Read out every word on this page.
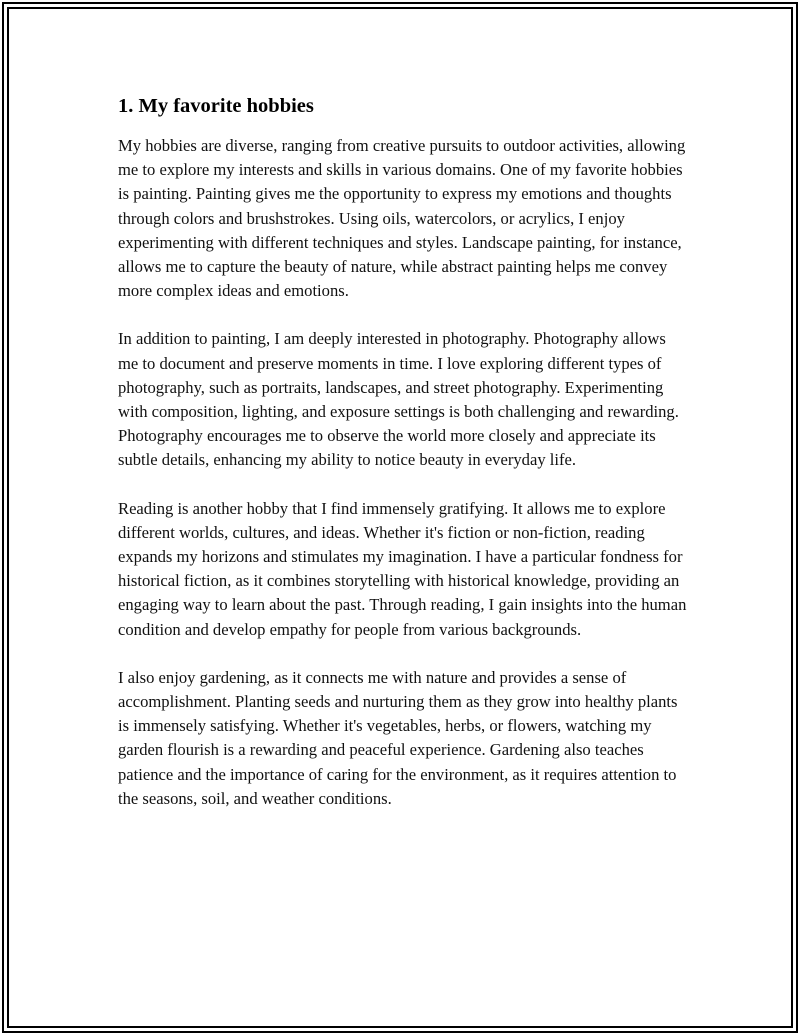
1. My favorite hobbies

My hobbies are diverse, ranging from creative pursuits to outdoor activities, allowing me to explore my interests and skills in various domains. One of my favorite hobbies is painting. Painting gives me the opportunity to express my emotions and thoughts through colors and brushstrokes. Using oils, watercolors, or acrylics, I enjoy experimenting with different techniques and styles. Landscape painting, for instance, allows me to capture the beauty of nature, while abstract painting helps me convey more complex ideas and emotions.

In addition to painting, I am deeply interested in photography. Photography allows me to document and preserve moments in time. I love exploring different types of photography, such as portraits, landscapes, and street photography. Experimenting with composition, lighting, and exposure settings is both challenging and rewarding. Photography encourages me to observe the world more closely and appreciate its subtle details, enhancing my ability to notice beauty in everyday life.

Reading is another hobby that I find immensely gratifying. It allows me to explore different worlds, cultures, and ideas. Whether it's fiction or non-fiction, reading expands my horizons and stimulates my imagination. I have a particular fondness for historical fiction, as it combines storytelling with historical knowledge, providing an engaging way to learn about the past. Through reading, I gain insights into the human condition and develop empathy for people from various backgrounds.

I also enjoy gardening, as it connects me with nature and provides a sense of accomplishment. Planting seeds and nurturing them as they grow into healthy plants is immensely satisfying. Whether it's vegetables, herbs, or flowers, watching my garden flourish is a rewarding and peaceful experience. Gardening also teaches patience and the importance of caring for the environment, as it requires attention to the seasons, soil, and weather conditions.
